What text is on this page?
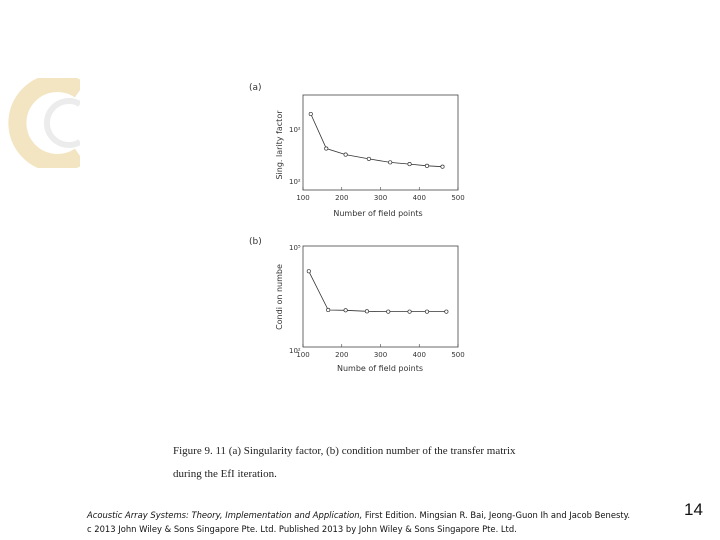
(a)
Number of field points
Sing. larity factor 10²
10²
100	200	300	400	500
(b)
Numbe of field points
Condi on numbe
10⁵
10²
100	200	300	400	500
Figure 9. 11 (a) Singularity factor, (b) condition number of the transfer matrix
during the EfI iteration.
Acoustic Array Systems: Theory, Implementation and Application, First Edition. Mingsian R. Bai, Jeong-Guon Ih and Jacob Benesty.
c 2013 John Wiley & Sons Singapore Pte. Ltd. Published 2013 by John Wiley & Sons Singapore Pte. Ltd.
14
